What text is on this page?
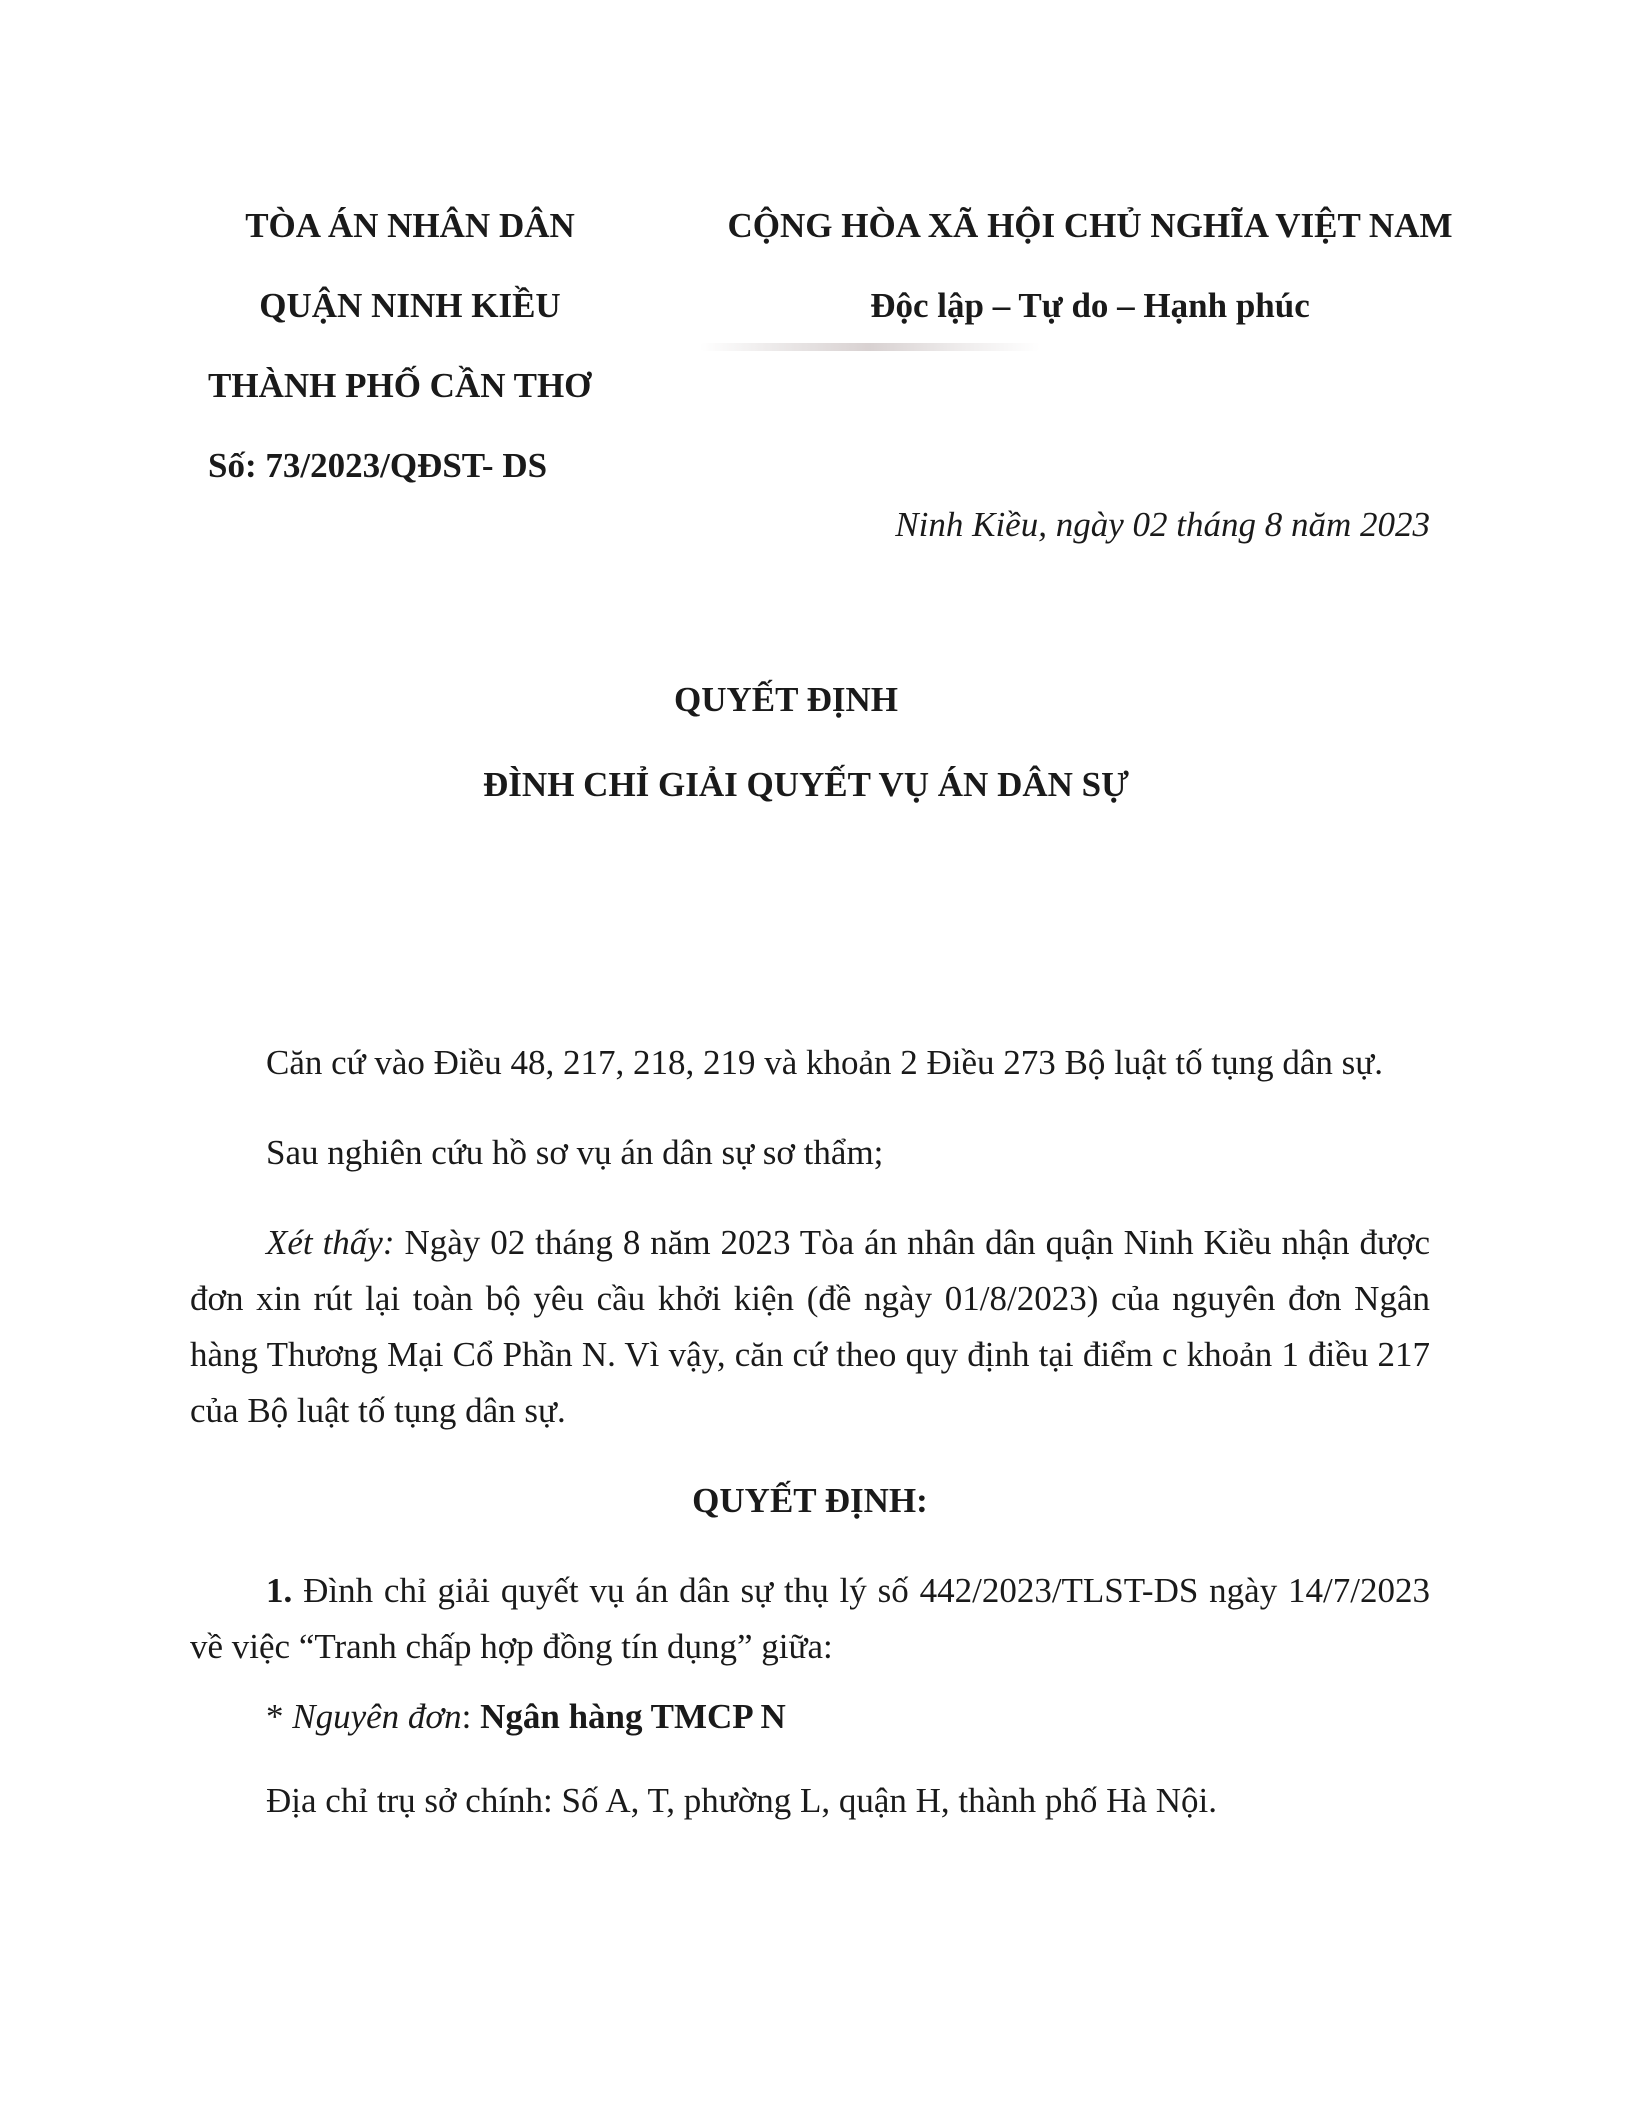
TÒA ÁN NHÂN DÂN
QUẬN NINH KIỀU
THÀNH PHỐ CẦN THƠ
Số: 73/2023/QĐST- DS
CỘNG HÒA XÃ HỘI CHỦ NGHĨA VIỆT NAM
Độc lập – Tự do – Hạnh phúc
Ninh Kiều, ngày 02 tháng 8 năm 2023
QUYẾT ĐỊNH
ĐÌNH CHỈ GIẢI QUYẾT VỤ ÁN DÂN SỰ

Căn cứ vào Điều 48, 217, 218, 219 và khoản 2 Điều 273 Bộ luật tố tụng dân sự.

Sau nghiên cứu hồ sơ vụ án dân sự sơ thẩm;

Xét thấy: Ngày 02 tháng 8 năm 2023 Tòa án nhân dân quận Ninh Kiều nhận được đơn xin rút lại toàn bộ yêu cầu khởi kiện (đề ngày 01/8/2023) của nguyên đơn Ngân hàng Thương Mại Cổ Phần N. Vì vậy, căn cứ theo quy định tại điểm c khoản 1 điều 217 của Bộ luật tố tụng dân sự.

QUYẾT ĐỊNH:

1. Đình chỉ giải quyết vụ án dân sự thụ lý số 442/2023/TLST-DS ngày 14/7/2023 về việc “Tranh chấp hợp đồng tín dụng” giữa:

* Nguyên đơn: Ngân hàng TMCP N

Địa chỉ trụ sở chính: Số A, T, phường L, quận H, thành phố Hà Nội.
